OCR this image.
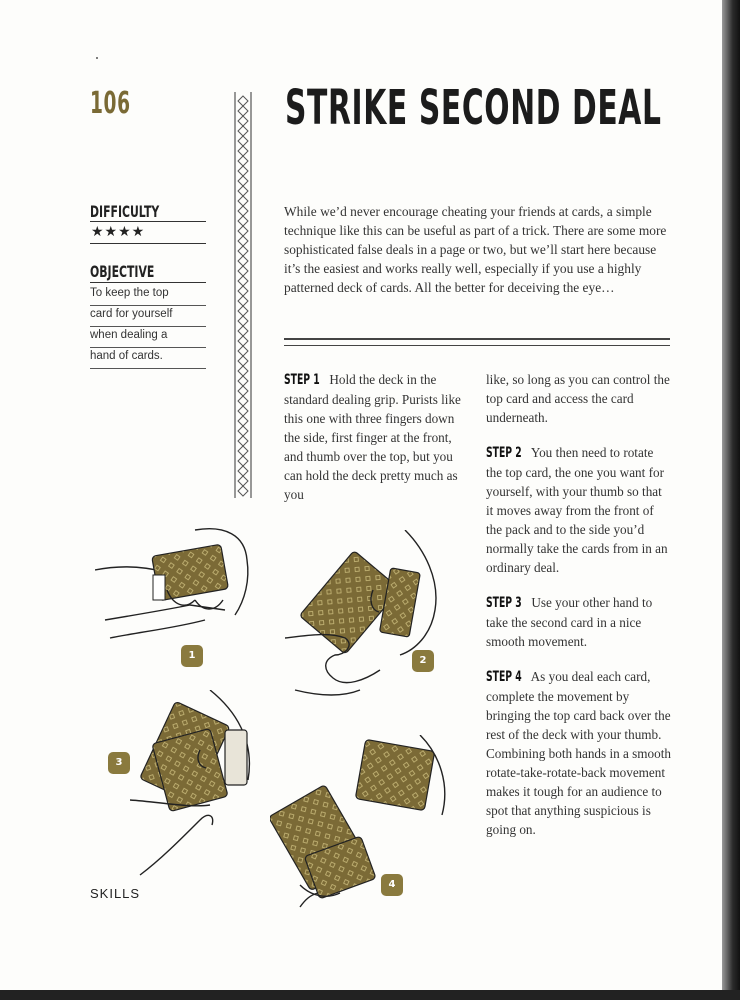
106	STRIKE SECOND DEAL
DIFFICULTY
★★★★
OBJECTIVE
To keep the top
card for yourself
when dealing a
hand of cards.
While we’d never encourage cheating your friends at cards, a simple technique like this can be useful as part of a trick. There are some more sophisticated false deals in a page or two, but we’ll start here because it’s the easiest and works really well, especially if you use a highly patterned deck of cards. All the better for deceiving the eye…

STEP 1 Hold the deck in the standard dealing grip. Purists like this one with three fingers down the side, first finger at the front, and thumb over the top, but you can hold the deck pretty much as you

like, so long as you can control the top card and access the card underneath.

STEP 2 You then need to rotate the top card, the one you want for yourself, with your thumb so that it moves away from the front of the pack and to the side you’d normally take the cards from in an ordinary deal.

STEP 3 Use your other hand to take the second card in a nice smooth movement.

STEP 4 As you deal each card, complete the movement by bringing the top card back over the rest of the deck with your thumb. Combining both hands in a smooth rotate-take-rotate-back movement makes it tough for an audience to spot that anything suspicious is going on.

1	2
3
4
SKILLS
